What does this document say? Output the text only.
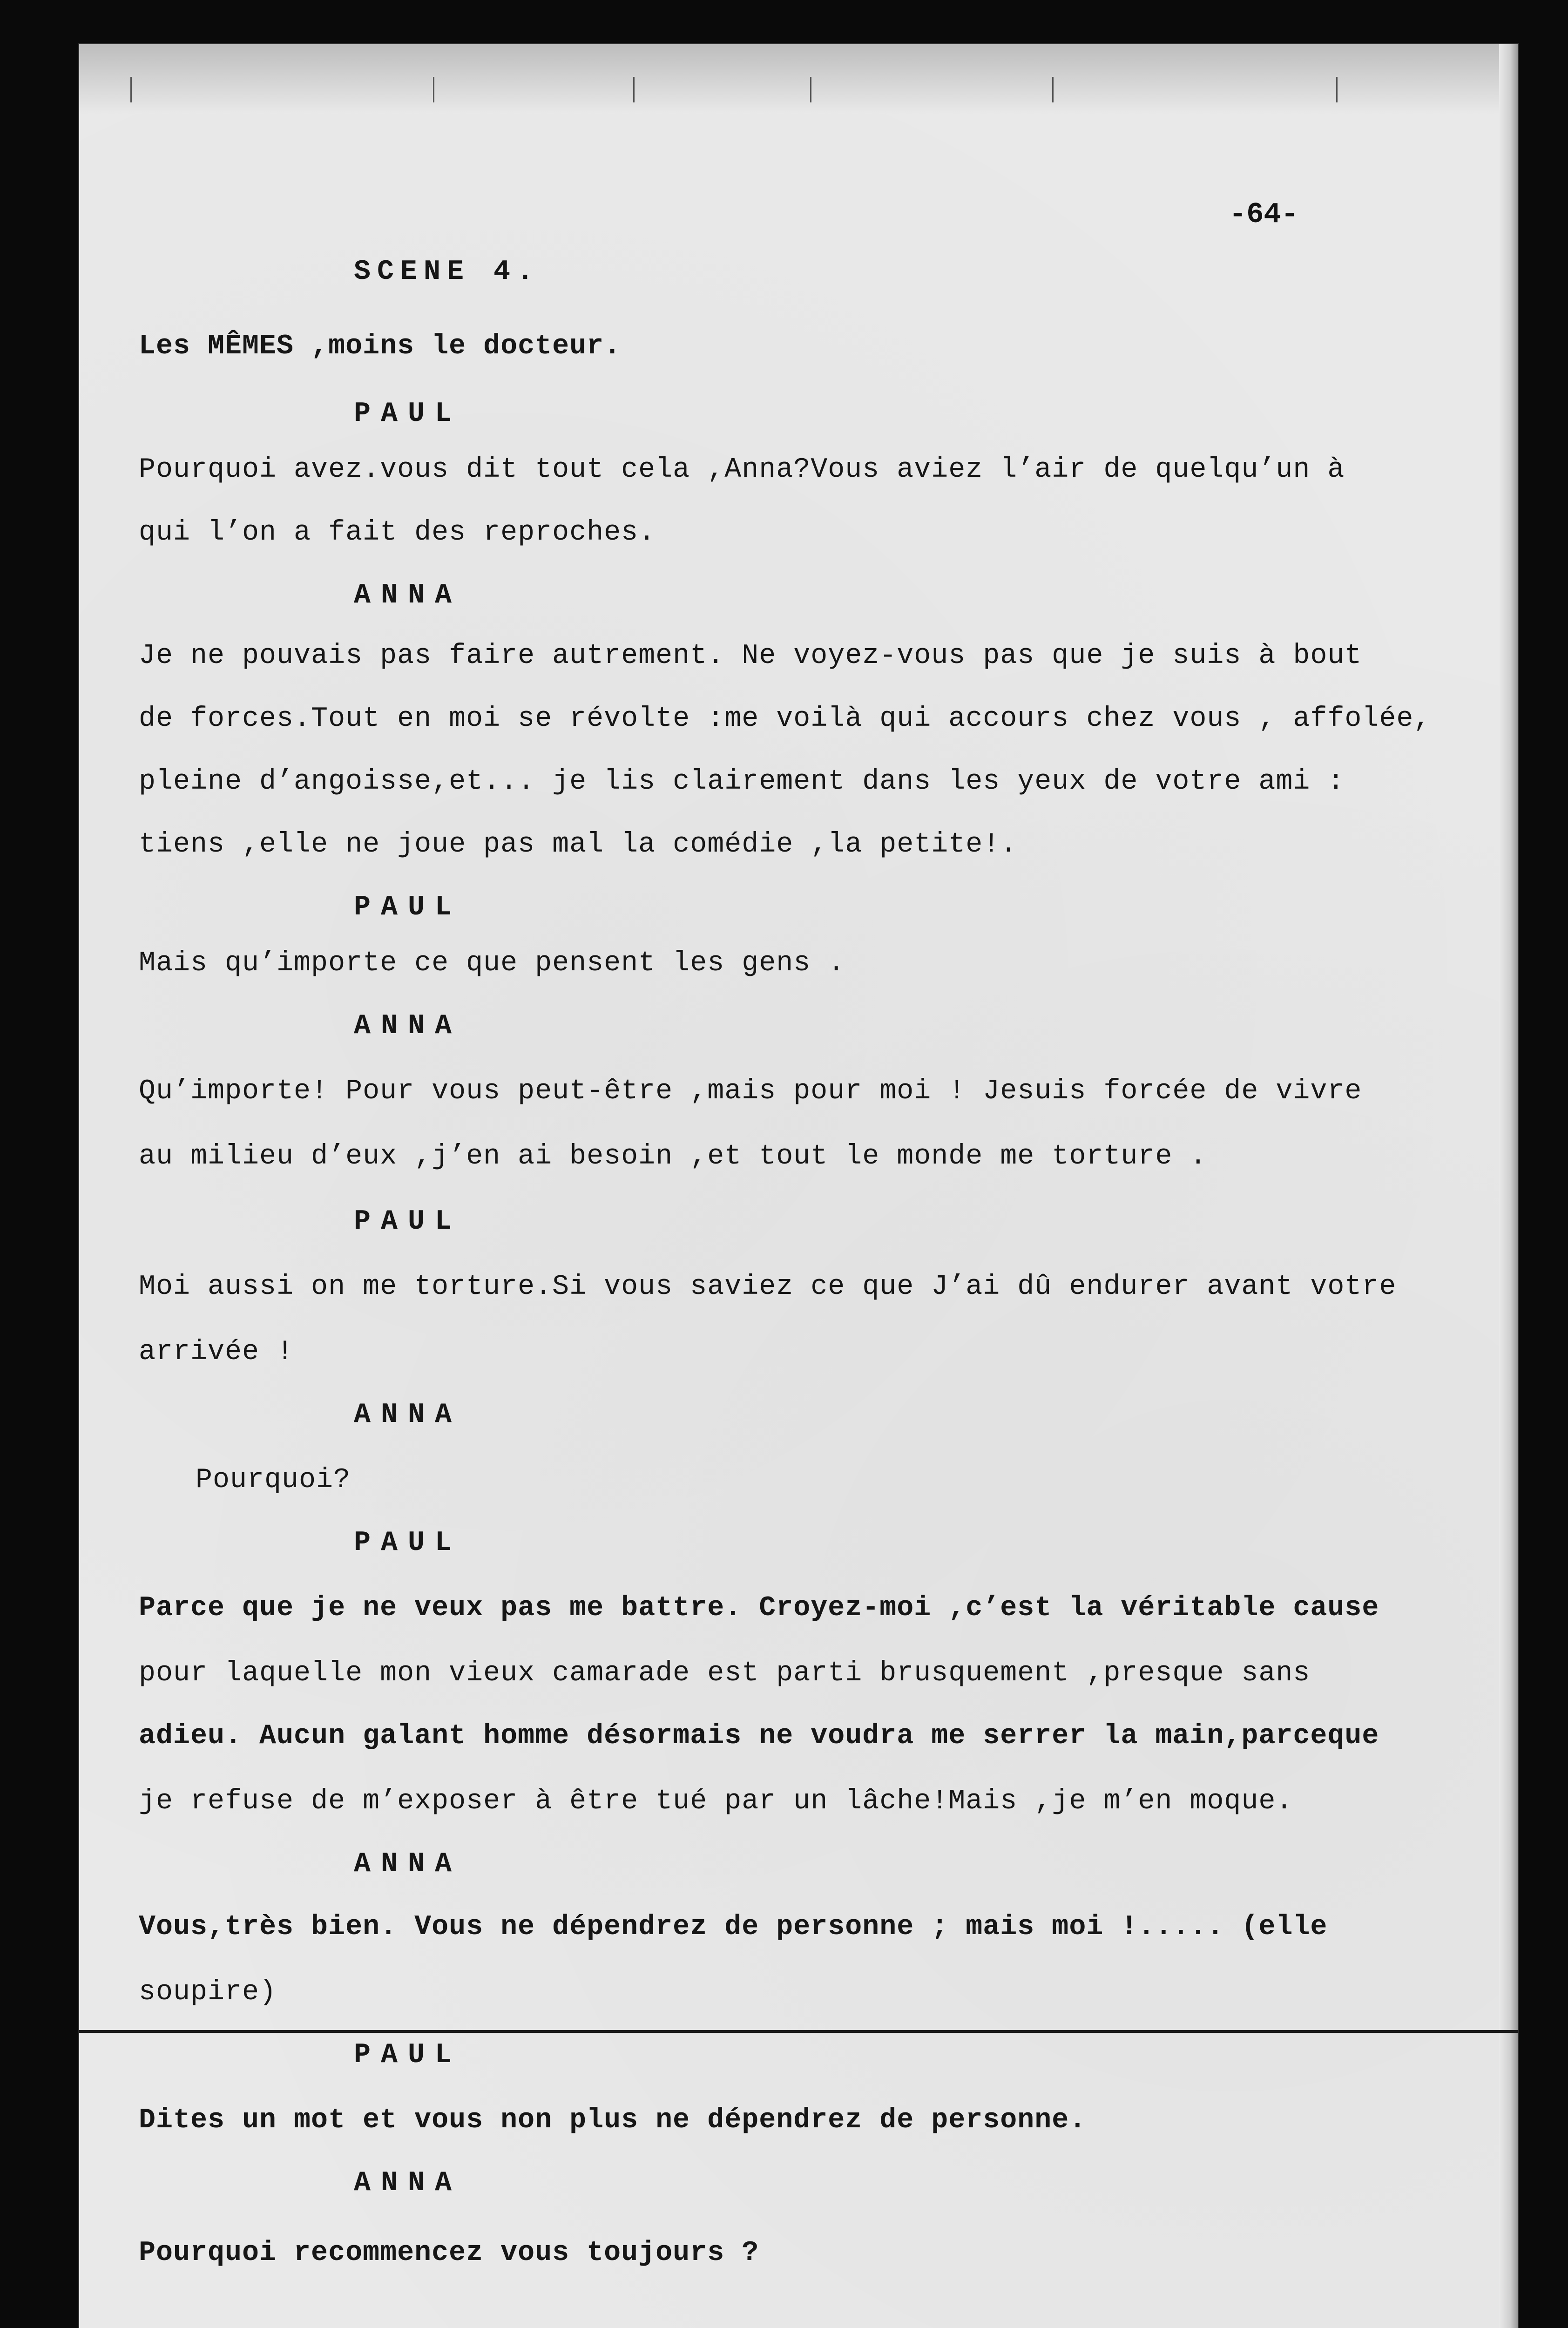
-64-
SCENE 4.
Les MÊMES ,moins le docteur.
PAUL
Pourquoi avez.vous dit tout cela ,Anna?Vous aviez l’air de quelqu’un à
qui l’on a fait des reproches.
ANNA
Je ne pouvais pas faire autrement. Ne voyez-vous pas que je suis à bout
de forces.Tout en moi se révolte :me voilà qui accours chez vous , affolée,
pleine d’angoisse,et... je lis clairement dans les yeux de votre ami :
tiens ,elle ne joue pas mal la comédie ,la petite!.
PAUL
Mais qu’importe ce que pensent les gens .
ANNA
Qu’importe! Pour vous peut-être ,mais pour moi ! Jesuis forcée de vivre
au milieu d’eux ,j’en ai besoin ,et tout le monde me torture .
PAUL
Moi aussi on me torture.Si vous saviez ce que J’ai dû endurer avant votre
arrivée !
ANNA
Pourquoi?
PAUL
Parce que je ne veux pas me battre. Croyez-moi ,c’est la véritable cause
pour laquelle mon vieux camarade est parti brusquement ,presque sans
adieu. Aucun galant homme désormais ne voudra me serrer la main,parceque
je refuse de m’exposer à être tué par un lâche!Mais ,je m’en moque.
ANNA
Vous,très bien. Vous ne dépendrez de personne ; mais moi !..... (elle
soupire)
PAUL
Dites un mot et vous non plus ne dépendrez de personne.
ANNA
Pourquoi recommencez vous toujours ?
